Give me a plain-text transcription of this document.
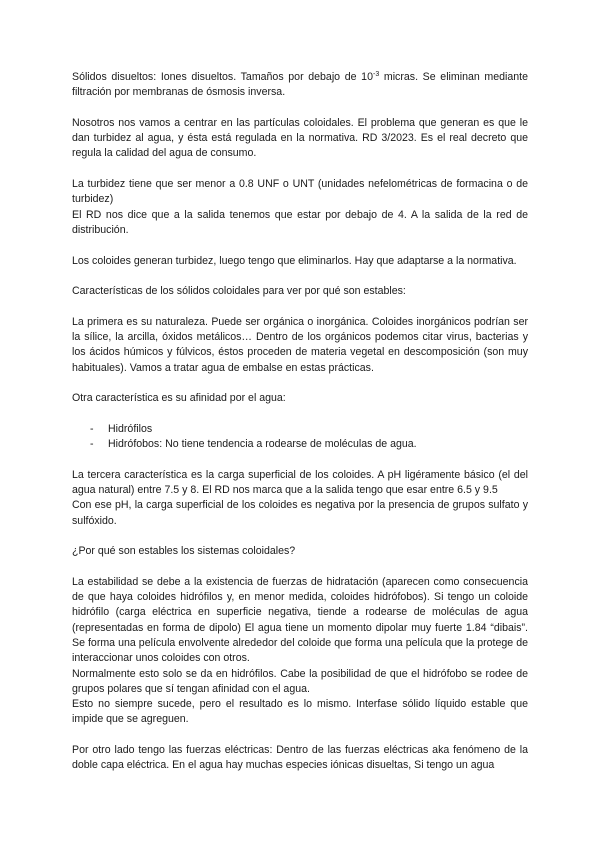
Sólidos disueltos: Iones disueltos. Tamaños por debajo de $10^{-3}$ micras. Se eliminan mediante filtración por membranas de ósmosis inversa.

Nosotros nos vamos a centrar en las partículas coloidales. El problema que generan es que le dan turbidez al agua, y ésta está regulada en la normativa. RD 3/2023. Es el real decreto que regula la calidad del agua de consumo.

La turbidez tiene que ser menor a 0.8 UNF o UNT (unidades nefelométricas de formacina o de turbidez)
El RD nos dice que a la salida tenemos que estar por debajo de 4. A la salida de la red de distribución.

Los coloides generan turbidez, luego tengo que eliminarlos. Hay que adaptarse a la normativa.

Características de los sólidos coloidales para ver por qué son estables:

La primera es su naturaleza. Puede ser orgánica o inorgánica. Coloides inorgánicos podrían ser la sílice, la arcilla, óxidos metálicos… Dentro de los orgánicos podemos citar virus, bacterias y los ácidos húmicos y fúlvicos, éstos proceden de materia vegetal en descomposición (son muy habituales). Vamos a tratar agua de embalse en estas prácticas.

Otra característica es su afinidad por el agua:

- Hidrófilos
- Hidrófobos: No tiene tendencia a rodearse de moléculas de agua.

La tercera característica es la carga superficial de los coloides. A pH ligéramente básico (el del agua natural) entre 7.5 y 8. El RD nos marca que a la salida tengo que esar entre 6.5 y 9.5
Con ese pH, la carga superficial de los coloides es negativa por la presencia de grupos sulfato y sulfóxido.

¿Por qué son estables los sistemas coloidales?

La estabilidad se debe a la existencia de fuerzas de hidratación (aparecen como consecuencia de que haya coloides hidrófilos y, en menor medida, coloides hidrófobos). Si tengo un coloide hidrófilo (carga eléctrica en superficie negativa, tiende a rodearse de moléculas de agua (representadas en forma de dipolo) El agua tiene un momento dipolar muy fuerte 1.84 “dibais”. Se forma una película envolvente alrededor del coloide que forma una película que la protege de interaccionar unos coloides con otros.
Normalmente esto solo se da en hidrófilos. Cabe la posibilidad de que el hidrófobo se rodee de grupos polares que sí tengan afinidad con el agua.
Esto no siempre sucede, pero el resultado es lo mismo. Interfase sólido líquido estable que impide que se agreguen.

Por otro lado tengo las fuerzas eléctricas: Dentro de las fuerzas eléctricas aka fenómeno de la doble capa eléctrica. En el agua hay muchas especies iónicas disueltas, Si tengo un agua
